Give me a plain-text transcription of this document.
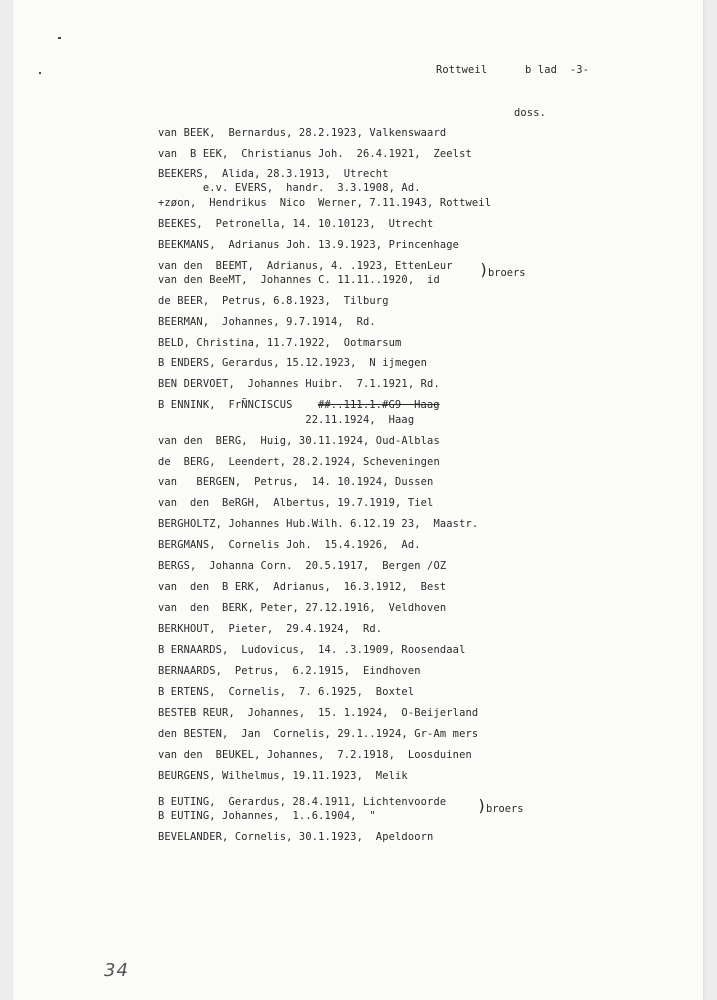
Rottweil	b lad  -3-
doss.
van BEEK,  Bernardus, 28.2.1923, Valkenswaard
van  B EEK,  Christianus Joh.  26.4.1921,  Zeelst
BEEKERS,  Alida, 28.3.1913,  Utrecht
e.v. EVERS,  handr.  3.3.1908, Ad.
+zøon,  Hendrikus  Nico  Werner, 7.11.1943, Rottweil
BEEKES,  Petronella, 14. 10.10123,  Utrecht
BEEKMANS,  Adrianus Joh. 13.9.1923, Princenhage
van den  BEEMT,  Adrianus, 4. .1923, EttenLeur
van den BeeMT,  Johannes C. 11.11..1920,  id
) broers
de BEER,  Petrus, 6.8.1923,  Tilburg
BEERMAN,  Johannes, 9.7.1914,  Rd.
BELD, Christina, 11.7.1922,  Ootmarsum
B ENDERS, Gerardus, 15.12.1923,  N ijmegen
BEN DERVOET,  Johannes Huibr.  7.1.1921, Rd.
B ENNINK,  FrÑNCISCUS ##..111.1.#G9  Haag
22.11.1924,  Haag
van den  BERG,  Huig, 30.11.1924, Oud-Alblas
de  BERG,  Leendert, 28.2.1924, Scheveningen
van   BERGEN,  Petrus,  14. 10.1924, Dussen
van  den  BeRGH,  Albertus, 19.7.1919, Tiel
BERGHOLTZ, Johannes Hub.Wilh. 6.12.19 23,  Maastr.
BERGMANS,  Cornelis Joh.  15.4.1926,  Ad.
BERGS,  Johanna Corn.  20.5.1917,  Bergen /OZ
van  den  B ERK,  Adrianus,  16.3.1912,  Best
van  den  BERK, Peter, 27.12.1916,  Veldhoven
BERKHOUT,  Pieter,  29.4.1924,  Rd.
B ERNAARDS,  Ludovicus,  14. .3.1909, Roosendaal
BERNAARDS,  Petrus,  6.2.1915,  Eindhoven
B ERTENS,  Cornelis,  7. 6.1925,  Boxtel
BESTEB REUR,  Johannes,  15. 1.1924,  O-Beijerland
den BESTEN,  Jan  Cornelis, 29.1..1924, Gr-Am mers
van den  BEUKEL, Johannes,  7.2.1918,  Loosduinen
BEURGENS, Wilhelmus, 19.11.1923,  Melik
B EUTING,  Gerardus, 28.4.1911, Lichtenvoorde
B EUTING, Johannes,  1..6.1904,  "
) broers
BEVELANDER, Cornelis, 30.1.1923,  Apeldoorn
34
